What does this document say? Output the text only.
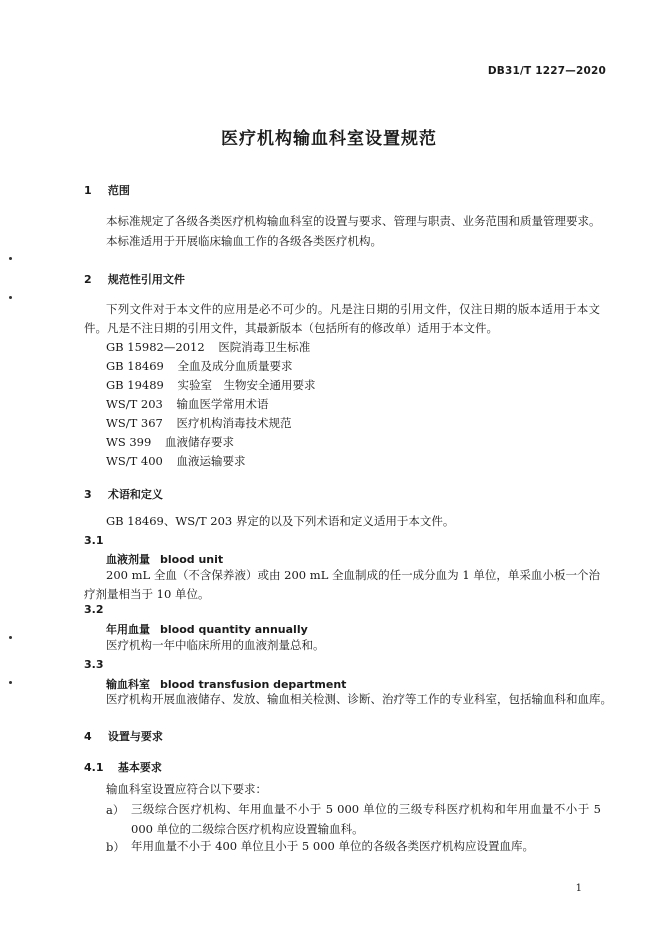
DB31/T 1227—2020
医疗机构输血科室设置规范
1 范围
本标准规定了各级各类医疗机构输血科室的设置与要求、管理与职责、业务范围和质量管理要求。
本标准适用于开展临床输血工作的各级各类医疗机构。
2 规范性引用文件
下列文件对于本文件的应用是必不可少的。凡是注日期的引用文件，仅注日期的版本适用于本文件。凡是不注日期的引用文件，其最新版本（包括所有的修改单）适用于本文件。
GB 15982—2012 医院消毒卫生标准
GB 18469 全血及成分血质量要求
GB 19489 实验室　生物安全通用要求
WS/T 203 输血医学常用术语
WS/T 367 医疗机构消毒技术规范
WS 399 血液储存要求
WS/T 400 血液运输要求
3 术语和定义
GB 18469、WS/T 203 界定的以及下列术语和定义适用于本文件。
3.1
血液剂量 blood unit
200 mL 全血（不含保养液）或由 200 mL 全血制成的任一成分血为 1 单位，单采血小板一个治疗剂量相当于 10 单位。
3.2
年用血量 blood quantity annually
医疗机构一年中临床所用的血液剂量总和。
3.3
输血科室 blood transfusion department
医疗机构开展血液储存、发放、输血相关检测、诊断、治疗等工作的专业科室，包括输血科和血库。
4 设置与要求
4.1 基本要求
输血科室设置应符合以下要求：
a） 三级综合医疗机构、年用血量不小于 5 000 单位的三级专科医疗机构和年用血量不小于 5 000 单位的二级综合医疗机构应设置输血科。
b） 年用血量不小于 400 单位且小于 5 000 单位的各级各类医疗机构应设置血库。
1
